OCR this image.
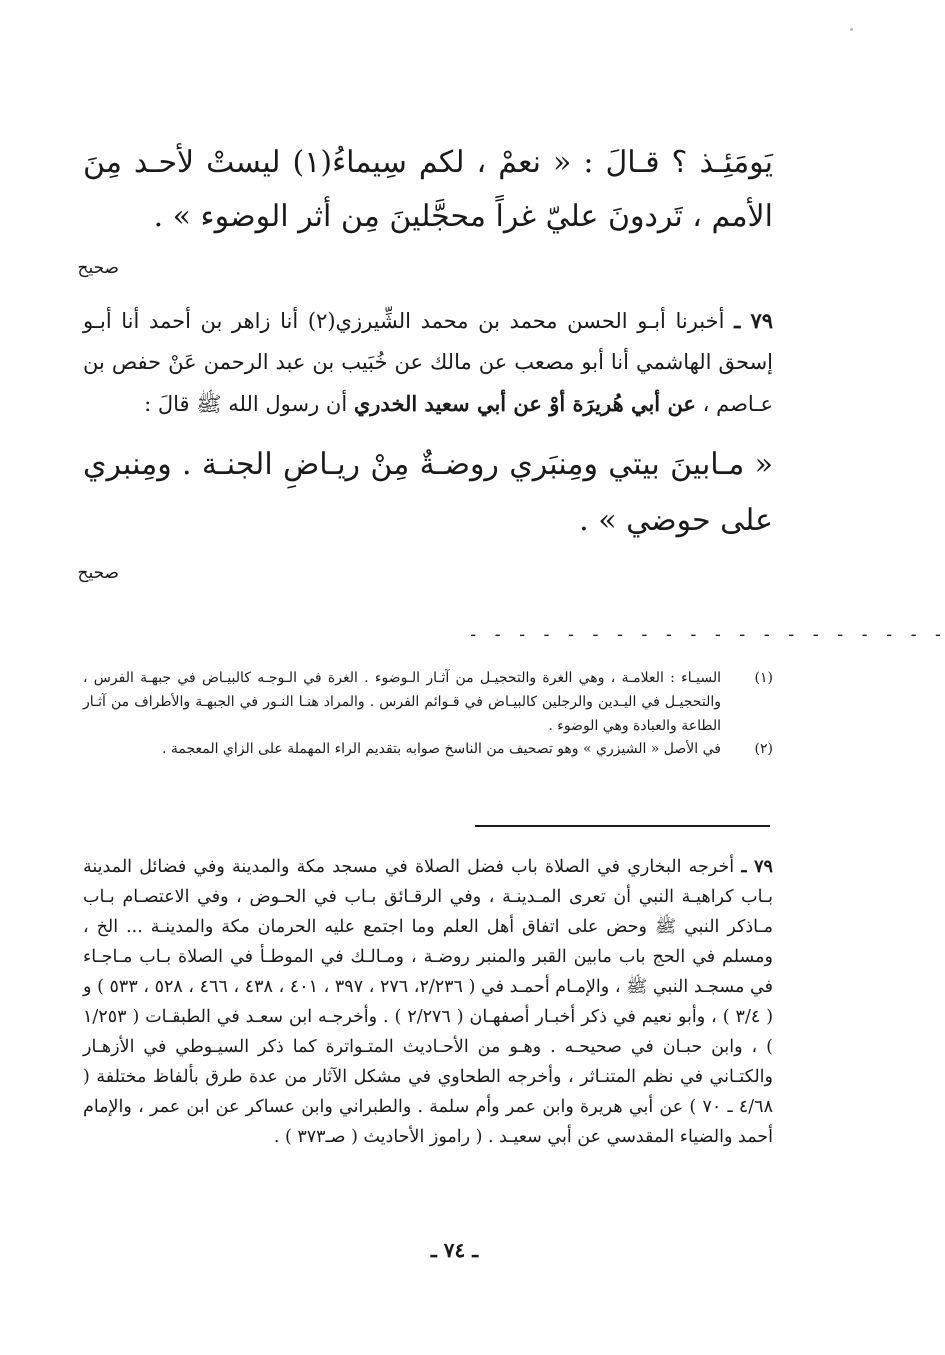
يَومَئِـذ ؟ قـالَ : « نعمْ ، لكم سِيماءُ(١) ليستْ لأحـد مِنَ الأمم ، تَردونَ عليّ غراً محجَّلينَ مِن أثر الوضوء » .
صحيح
٧٩ ـ أخبرنا أبـو الحسن محمد بن محمد الشِّيرزي(٢) أنا زاهر بن أحمد أنا أبـو إسحق الهاشمي أنا أبو مصعب عن مالك عن خُبَيب بن عبد الرحمن عَنْ حفص بن عـاصم ، عن أبي هُريرَة أوْ عن أبي سعيد الخدري أن رسول الله ﷺ قالَ :
« مـابينَ بيتي ومِنبَري روضـةٌ مِنْ ريـاضِ الجنـة . ومِنبري على حوضي » .
صحيح
- - - - - - - - - - - - - - - - - - - -
(١)
السيـاء : العلامـة ، وهي الغرة والتحجيـل من آثـار الـوضوء . الغرة في الـوجـه كالبيـاض في جبهـة الفرس ، والتحجيـل في اليـدين والرجلين كالبيـاض في قـوائم الفرس . والمراد هنـا النـور في الجبهـة والأطراف من آثـار الطاعة والعبادة وهي الوضوء .
(٢)
في الأصل « الشيزري » وهو تصحيف من الناسخ صوابه بتقديم الراء المهملة على الزاي المعجمة .
٧٩ ـ أخرجه البخاري في الصلاة باب فضل الصلاة في مسجد مكة والمدينة وفي فضائل المدينة بـاب كراهيـة النبي أن تعرى المـدينـة ، وفي الرقـائق بـاب في الحـوض ، وفي الاعتصـام بـاب مـاذكر النبي ﷺ وحض على اتفاق أهل العلم وما اجتمع عليه الحرمان مكة والمدينـة ... الخ ، ومسلم في الحج باب مابين القبر والمنبر روضـة ، ومـالـك في الموطـأ في الصلاة بـاب مـاجـاء في مسجـد النبي ﷺ ، والإمـام أحمـد في ( ٢/٢٣٦، ٢٧٦ ، ٣٩٧ ، ٤٠١ ، ٤٣٨ ، ٤٦٦ ، ٥٢٨ ، ٥٣٣ ) و ( ٣/٤ ) ، وأبو نعيم في ذكر أخبـار أصفهـان ( ٢/٢٧٦ ) . وأخرجـه ابن سعـد في الطبقـات ( ١/٢٥٣ ) ، وابن حبـان في صحيحـه . وهـو من الأحـاديث المتـواترة كما ذكر السيـوطي في الأزهـار والكتـاني في نظم المتنـاثر ، وأخرجه الطحاوي في مشكل الآثار من عدة طرق بألفاظ مختلفة ( ٤/٦٨ ـ ٧٠ ) عن أبي هريرة وابن عمر وأم سلمة . والطبراني وابن عساكر عن ابن عمر ، والإمام أحمد والضياء المقدسي عن أبي سعيـد . ( راموز الأحاديث ( صـ٣٧٣ ) .
ـ ٧٤ ـ
